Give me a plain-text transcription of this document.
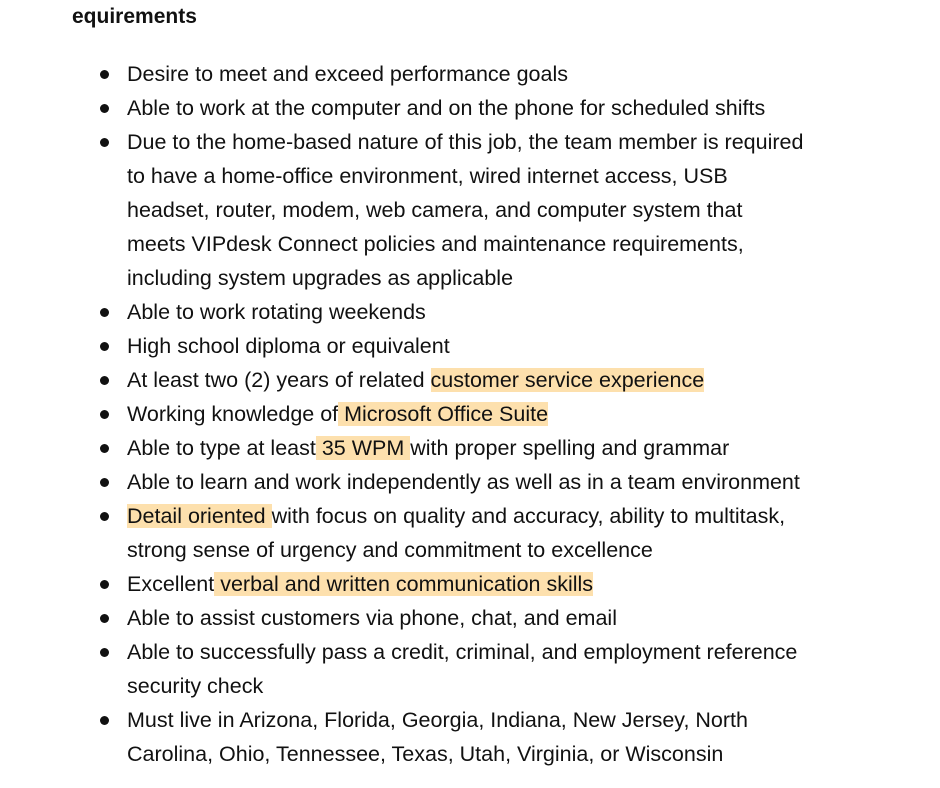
equirements
Desire to meet and exceed performance goals
Able to work at the computer and on the phone for scheduled shifts
Due to the home-based nature of this job, the team member is required
to have a home-office environment, wired internet access, USB
headset, router, modem, web camera, and computer system that
meets VIPdesk Connect policies and maintenance requirements,
including system upgrades as applicable
Able to work rotating weekends
High school diploma or equivalent
At least two (2) years of related customer service experience
Working knowledge of Microsoft Office Suite
Able to type at least 35 WPM with proper spelling and grammar
Able to learn and work independently as well as in a team environment
Detail oriented with focus on quality and accuracy, ability to multitask,
strong sense of urgency and commitment to excellence
Excellent verbal and written communication skills
Able to assist customers via phone, chat, and email
Able to successfully pass a credit, criminal, and employment reference
security check
Must live in Arizona, Florida, Georgia, Indiana, New Jersey, North
Carolina, Ohio, Tennessee, Texas, Utah, Virginia, or Wisconsin
